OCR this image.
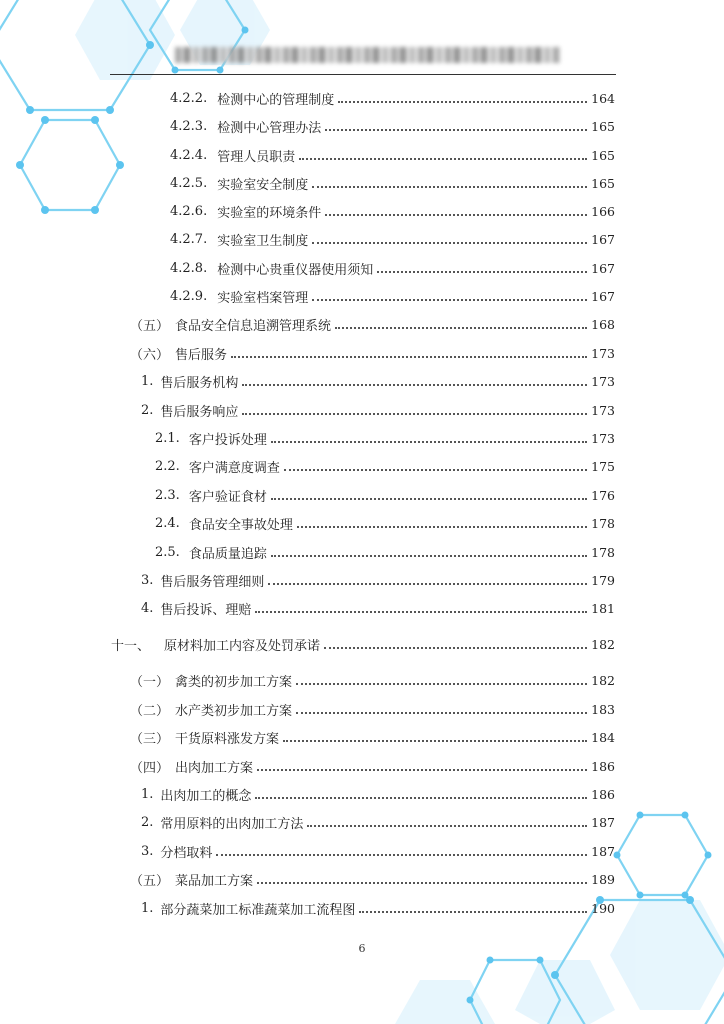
4.2.2. 检测中心的管理制度	164
4.2.3. 检测中心管理办法	165
4.2.4. 管理人员职责	165
4.2.5. 实验室安全制度	165
4.2.6. 实验室的环境条件	166
4.2.7. 实验室卫生制度	167
4.2.8. 检测中心贵重仪器使用须知	167
4.2.9. 实验室档案管理	167
（五） 食品安全信息追溯管理系统	168
（六） 售后服务	173
1. 售后服务机构	173
2. 售后服务响应	173
2.1. 客户投诉处理	173
2.2. 客户满意度调查	175
2.3. 客户验证食材	176
2.4. 食品安全事故处理	178
2.5. 食品质量追踪	178
3. 售后服务管理细则	179
4. 售后投诉、理赔	181
十一、 原材料加工内容及处罚承诺	182
（一） 禽类的初步加工方案	182
（二） 水产类初步加工方案	183
（三） 干货原料涨发方案	184
（四） 出肉加工方案	186
1. 出肉加工的概念	186
2. 常用原料的出肉加工方法	187
3. 分档取料	187
（五） 菜品加工方案	189
1. 部分蔬菜加工标准蔬菜加工流程图	190
6
